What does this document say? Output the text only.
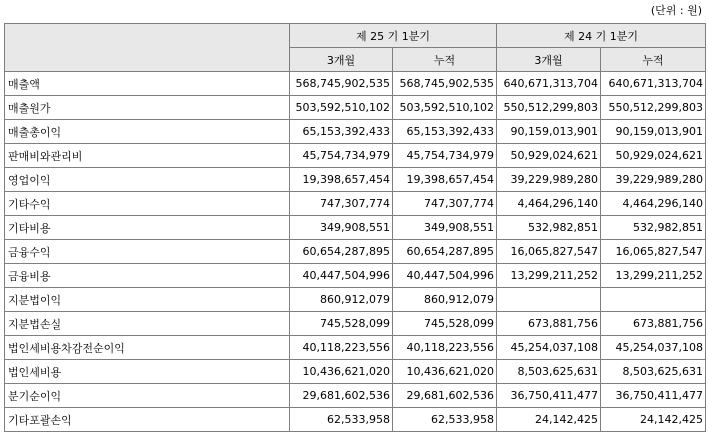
(단위 : 원)
	제 25 기 1분기		제 24 기 1분기	
	3개월	누적	3개월	누적
매출액	568,745,902,535	568,745,902,535	640,671,313,704	640,671,313,704
매출원가	503,592,510,102	503,592,510,102	550,512,299,803	550,512,299,803
매출총이익	65,153,392,433	65,153,392,433	90,159,013,901	90,159,013,901
판매비와관리비	45,754,734,979	45,754,734,979	50,929,024,621	50,929,024,621
영업이익	19,398,657,454	19,398,657,454	39,229,989,280	39,229,989,280
기타수익	747,307,774	747,307,774	4,464,296,140	4,464,296,140
기타비용	349,908,551	349,908,551	532,982,851	532,982,851
금융수익	60,654,287,895	60,654,287,895	16,065,827,547	16,065,827,547
금융비용	40,447,504,996	40,447,504,996	13,299,211,252	13,299,211,252
지분법이익	860,912,079	860,912,079		
지분법손실	745,528,099	745,528,099	673,881,756	673,881,756
법인세비용차감전순이익	40,118,223,556	40,118,223,556	45,254,037,108	45,254,037,108
법인세비용	10,436,621,020	10,436,621,020	8,503,625,631	8,503,625,631
분기순이익	29,681,602,536	29,681,602,536	36,750,411,477	36,750,411,477
기타포괄손익	62,533,958	62,533,958	24,142,425	24,142,425
